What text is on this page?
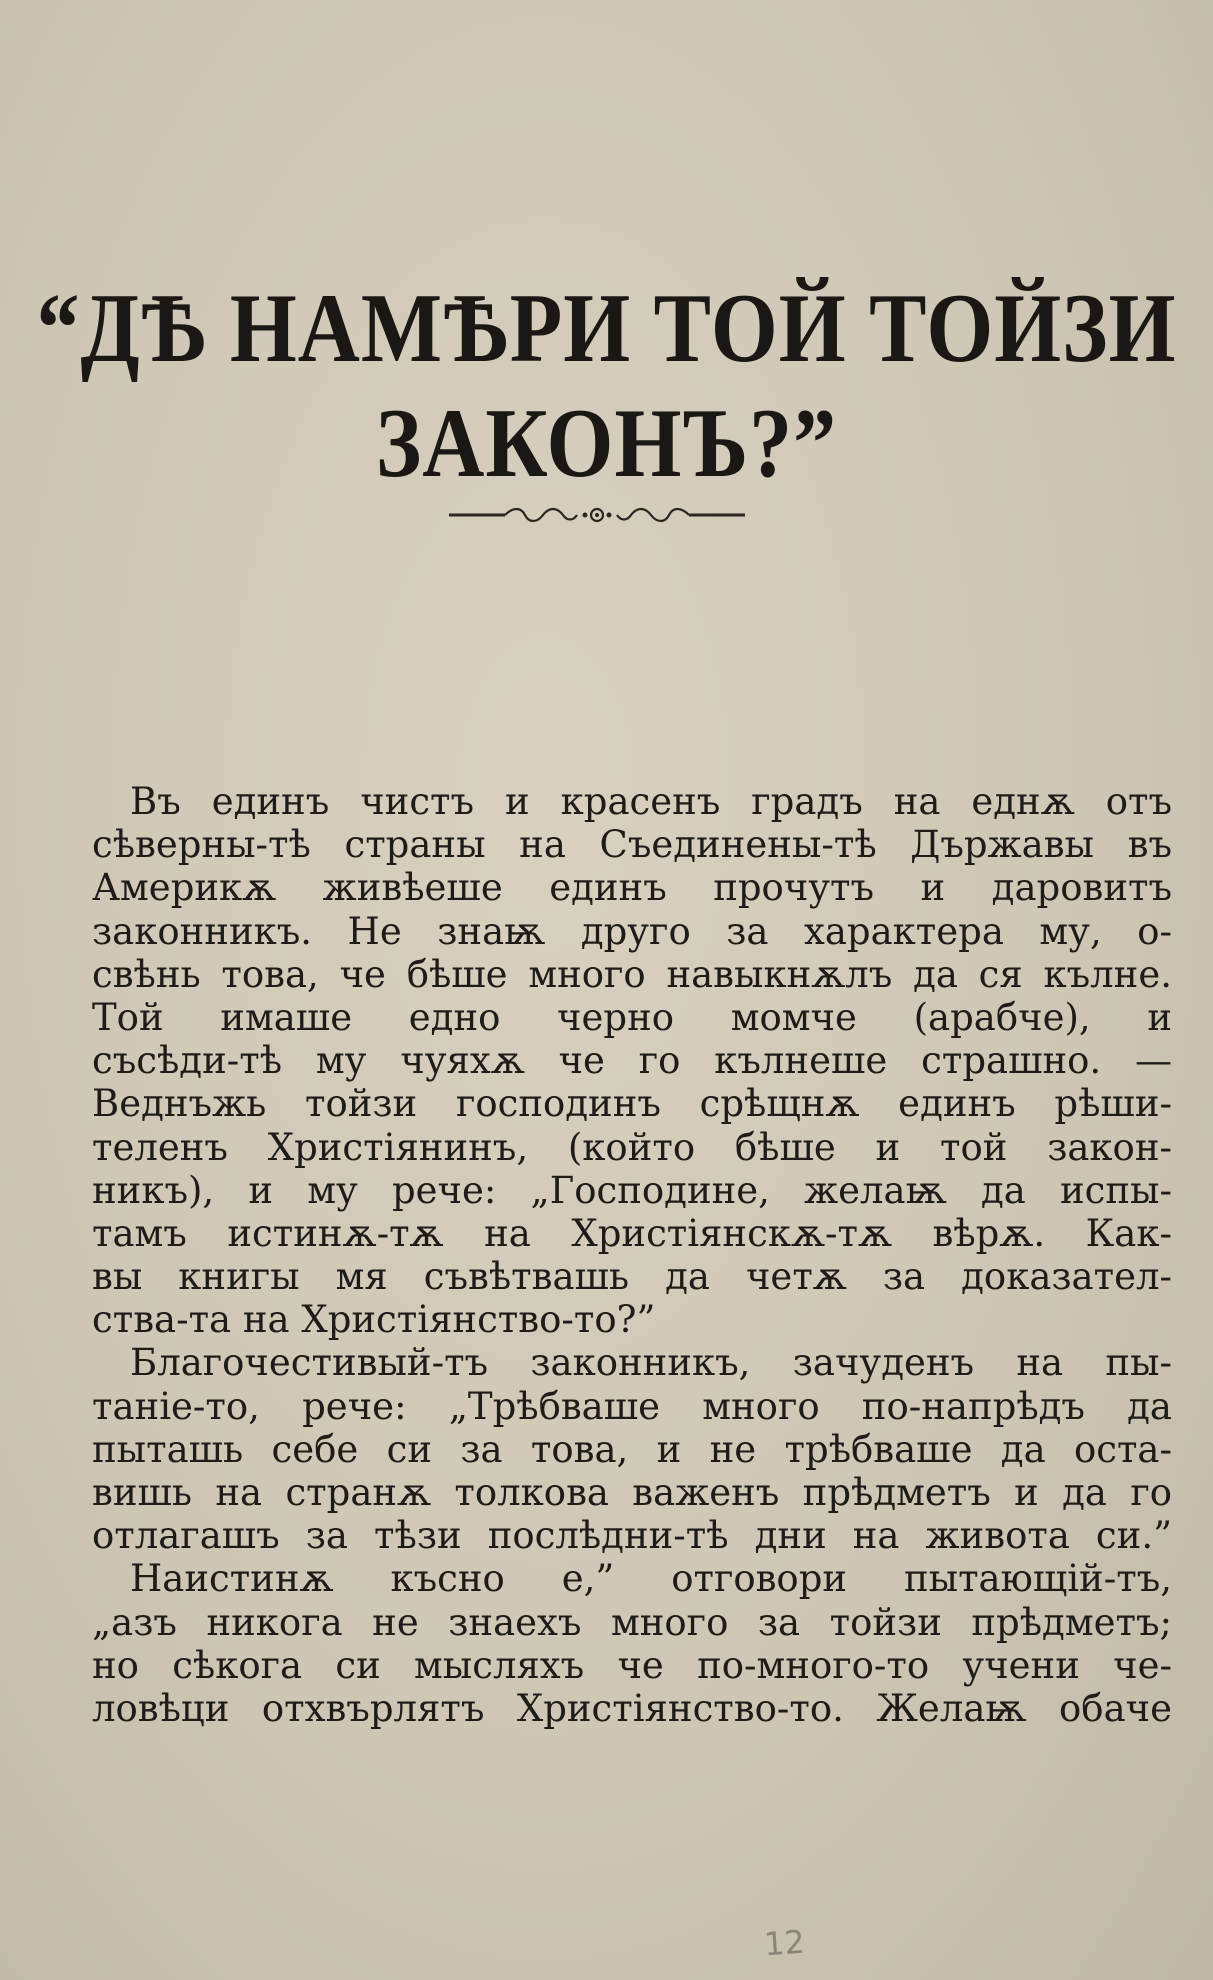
“ДѢ НАМѢРИ ТОЙ ТОЙЗИ ЗАКОНЪ?”
Въ единъ чистъ и красенъ градъ на еднѫ отъ
сѣверны-тѣ страны на Съединены-тѣ Държавы въ
Америкѫ живѣеше единъ прочутъ и даровитъ
законникъ. Не знаѭ друго за характера му, о-
свѣнь това, че бѣше много навыкнѫлъ да ся кълне.
Той имаше едно черно момче (арабче), и
съсѣди-тѣ му чуяхѫ че го кълнеше страшно. —
Веднъжь тойзи господинъ срѣщнѫ единъ рѣши-
теленъ Христіянинъ, (който бѣше и той закон-
никъ), и му рече: „Господине, желаѭ да испы-
тамъ истинѫ-тѫ на Христіянскѫ-тѫ вѣрѫ. Как-
вы книгы мя съвѣтвашь да четѫ за доказател-
ства-та на Христіянство-то?”
Благочестивый-тъ законникъ, зачуденъ на пы-
таніе-то, рече: „Трѣбваше много по-напрѣдъ да
пыташь себе си за това, и не трѣбваше да оста-
вишь на странѫ толкова важенъ прѣдметъ и да го
отлагашъ за тѣзи послѣдни-тѣ дни на живота си.”
Наистинѫ късно е,” отговори пытающій-тъ,
„азъ никога не знаехъ много за тойзи прѣдметъ;
но сѣкога си мысляхъ че по-много-то учени че-
ловѣци отхвърлятъ Христіянство-то. Желаѭ обаче
12
